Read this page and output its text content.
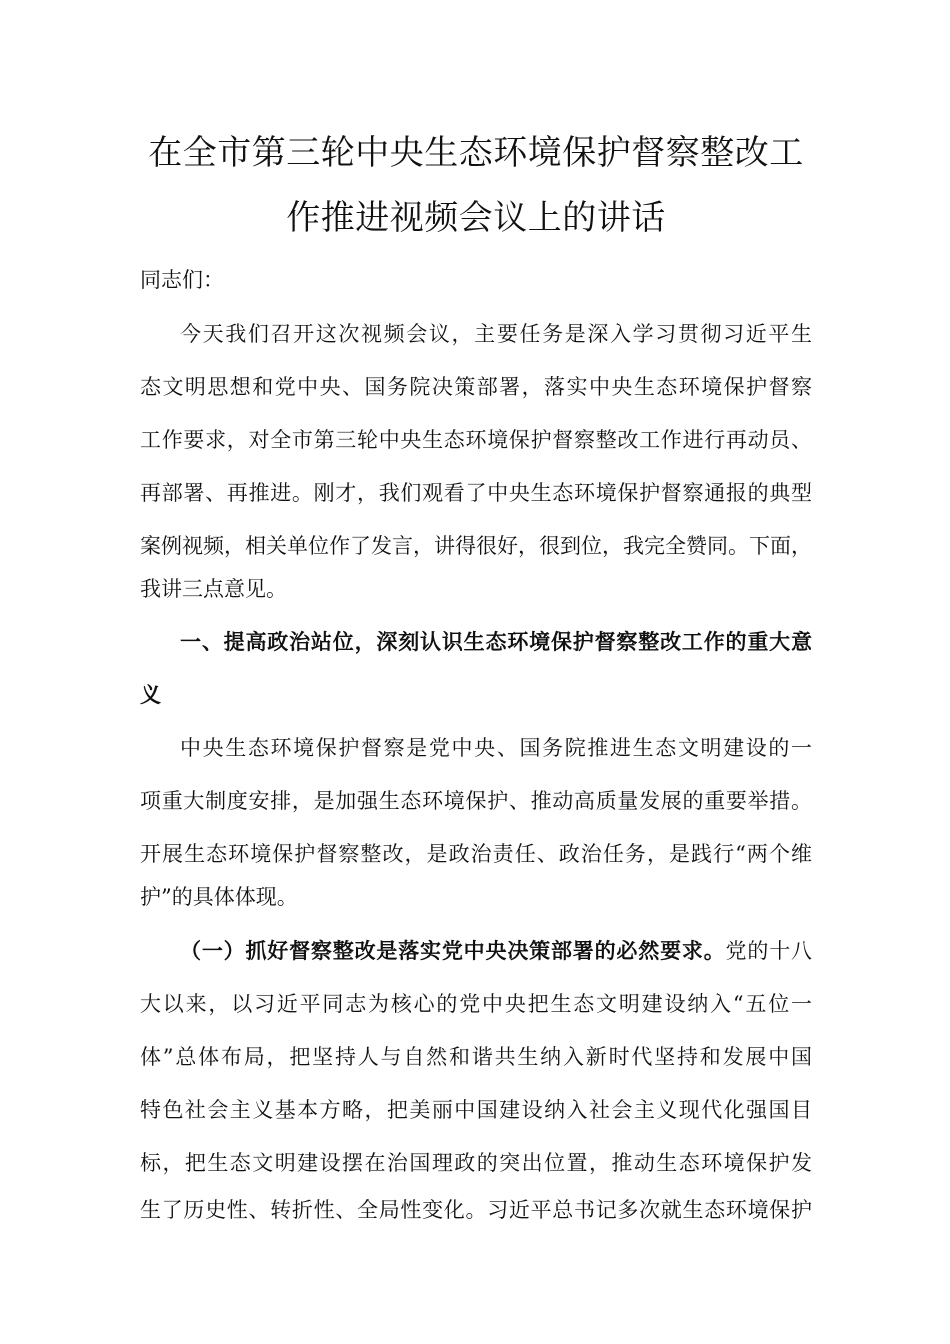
在全市第三轮中央生态环境保护督察整改工
作推进视频会议上的讲话
同志们：
今天我们召开这次视频会议，主要任务是深入学习贯彻习近平生
态文明思想和党中央、国务院决策部署，落实中央生态环境保护督察
工作要求，对全市第三轮中央生态环境保护督察整改工作进行再动员、
再部署、再推进。刚才，我们观看了中央生态环境保护督察通报的典型
案例视频，相关单位作了发言，讲得很好，很到位，我完全赞同。下面，
我讲三点意见。
一、提高政治站位，深刻认识生态环境保护督察整改工作的重大意
义
中央生态环境保护督察是党中央、国务院推进生态文明建设的一
项重大制度安排，是加强生态环境保护、推动高质量发展的重要举措。
开展生态环境保护督察整改，是政治责任、政治任务，是践行“两个维
护”的具体体现。
（一）抓好督察整改是落实党中央决策部署的必然要求。党的十八
大以来，以习近平同志为核心的党中央把生态文明建设纳入“五位一
体”总体布局，把坚持人与自然和谐共生纳入新时代坚持和发展中国
特色社会主义基本方略，把美丽中国建设纳入社会主义现代化强国目
标，把生态文明建设摆在治国理政的突出位置，推动生态环境保护发
生了历史性、转折性、全局性变化。习近平总书记多次就生态环境保护
